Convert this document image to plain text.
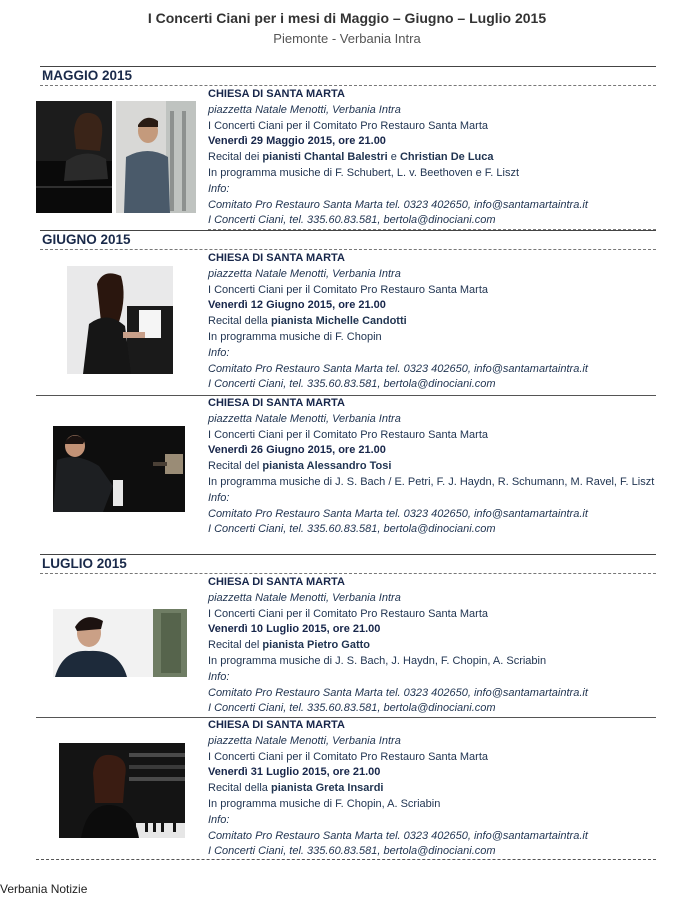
I Concerti Ciani per i mesi di Maggio – Giugno – Luglio 2015
Piemonte - Verbania Intra
MAGGIO 2015
CHIESA DI SANTA MARTA
piazzetta Natale Menotti, Verbania Intra
I Concerti Ciani per il Comitato Pro Restauro Santa Marta
Venerdì 29 Maggio 2015, ore 21.00
Recital dei pianisti Chantal Balestri e Christian De Luca
In programma musiche di F. Schubert, L. v. Beethoven e F. Liszt
Info:
Comitato Pro Restauro Santa Marta tel. 0323 402650, info@santamartaintra.it
I Concerti Ciani, tel. 335.60.83.581, bertola@dinociani.com
GIUGNO 2015
CHIESA DI SANTA MARTA
piazzetta Natale Menotti, Verbania Intra
I Concerti Ciani per il Comitato Pro Restauro Santa Marta
Venerdì 12 Giugno 2015, ore 21.00
Recital della pianista Michelle Candotti
In programma musiche di F. Chopin
Info:
Comitato Pro Restauro Santa Marta tel. 0323 402650, info@santamartaintra.it
I Concerti Ciani, tel. 335.60.83.581, bertola@dinociani.com
CHIESA DI SANTA MARTA
piazzetta Natale Menotti, Verbania Intra
I Concerti Ciani per il Comitato Pro Restauro Santa Marta
Venerdì 26 Giugno 2015, ore 21.00
Recital del pianista Alessandro Tosi
In programma musiche di J. S. Bach / E. Petri, F. J. Haydn, R. Schumann, M. Ravel, F. Liszt
Info:
Comitato Pro Restauro Santa Marta tel. 0323 402650, info@santamartaintra.it
I Concerti Ciani, tel. 335.60.83.581, bertola@dinociani.com
LUGLIO 2015
CHIESA DI SANTA MARTA
piazzetta Natale Menotti, Verbania Intra
I Concerti Ciani per il Comitato Pro Restauro Santa Marta
Venerdì 10 Luglio 2015, ore 21.00
Recital del pianista Pietro Gatto
In programma musiche di J. S. Bach, J. Haydn, F. Chopin, A. Scriabin
Info:
Comitato Pro Restauro Santa Marta tel. 0323 402650, info@santamartaintra.it
I Concerti Ciani, tel. 335.60.83.581, bertola@dinociani.com
CHIESA DI SANTA MARTA
piazzetta Natale Menotti, Verbania Intra
I Concerti Ciani per il Comitato Pro Restauro Santa Marta
Venerdì 31 Luglio 2015, ore 21.00
Recital della pianista Greta Insardi
In programma musiche di F. Chopin, A. Scriabin
Info:
Comitato Pro Restauro Santa Marta tel. 0323 402650, info@santamartaintra.it
I Concerti Ciani, tel. 335.60.83.581, bertola@dinociani.com
Verbania Notizie
